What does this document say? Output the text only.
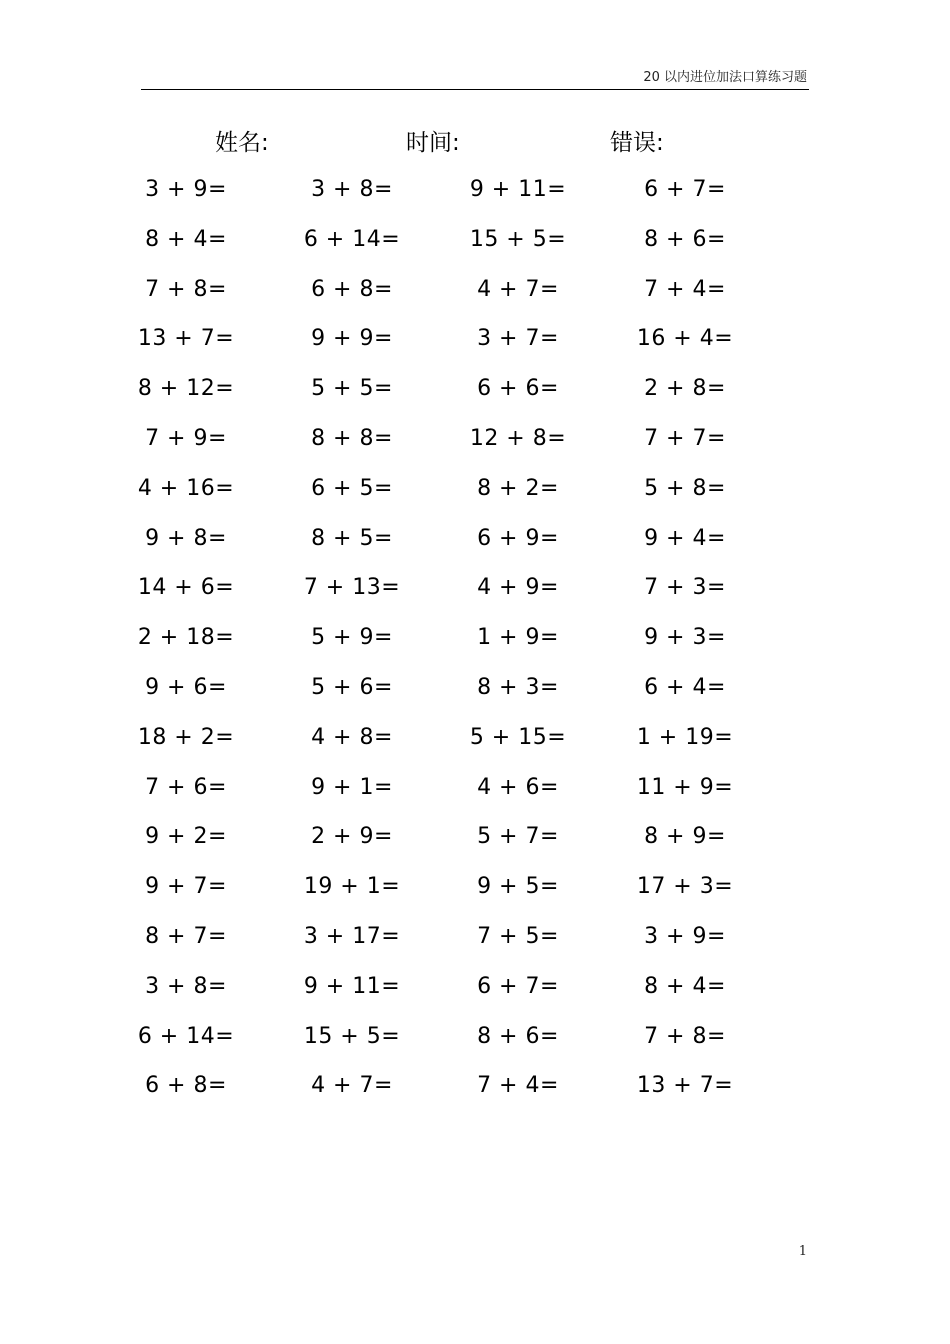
20 以内进位加法口算练习题
姓名:	时间:	错误:
3 + 9=	3 + 8=	9 + 11=	6 + 7=
8 + 4=	6 + 14=	15 + 5=	8 + 6=
7 + 8=	6 + 8=	4 + 7=	7 + 4=
13 + 7=	9 + 9=	3 + 7=	16 + 4=
8 + 12=	5 + 5=	6 + 6=	2 + 8=
7 + 9=	8 + 8=	12 + 8=	7 + 7=
4 + 16=	6 + 5=	8 + 2=	5 + 8=
9 + 8=	8 + 5=	6 + 9=	9 + 4=
14 + 6=	7 + 13=	4 + 9=	7 + 3=
2 + 18=	5 + 9=	1 + 9=	9 + 3=
9 + 6=	5 + 6=	8 + 3=	6 + 4=
18 + 2=	4 + 8=	5 + 15=	1 + 19=
7 + 6=	9 + 1=	4 + 6=	11 + 9=
9 + 2=	2 + 9=	5 + 7=	8 + 9=
9 + 7=	19 + 1=	9 + 5=	17 + 3=
8 + 7=	3 + 17=	7 + 5=	3 + 9=
3 + 8=	9 + 11=	6 + 7=	8 + 4=
6 + 14=	15 + 5=	8 + 6=	7 + 8=
6 + 8=	4 + 7=	7 + 4=	13 + 7=
1
